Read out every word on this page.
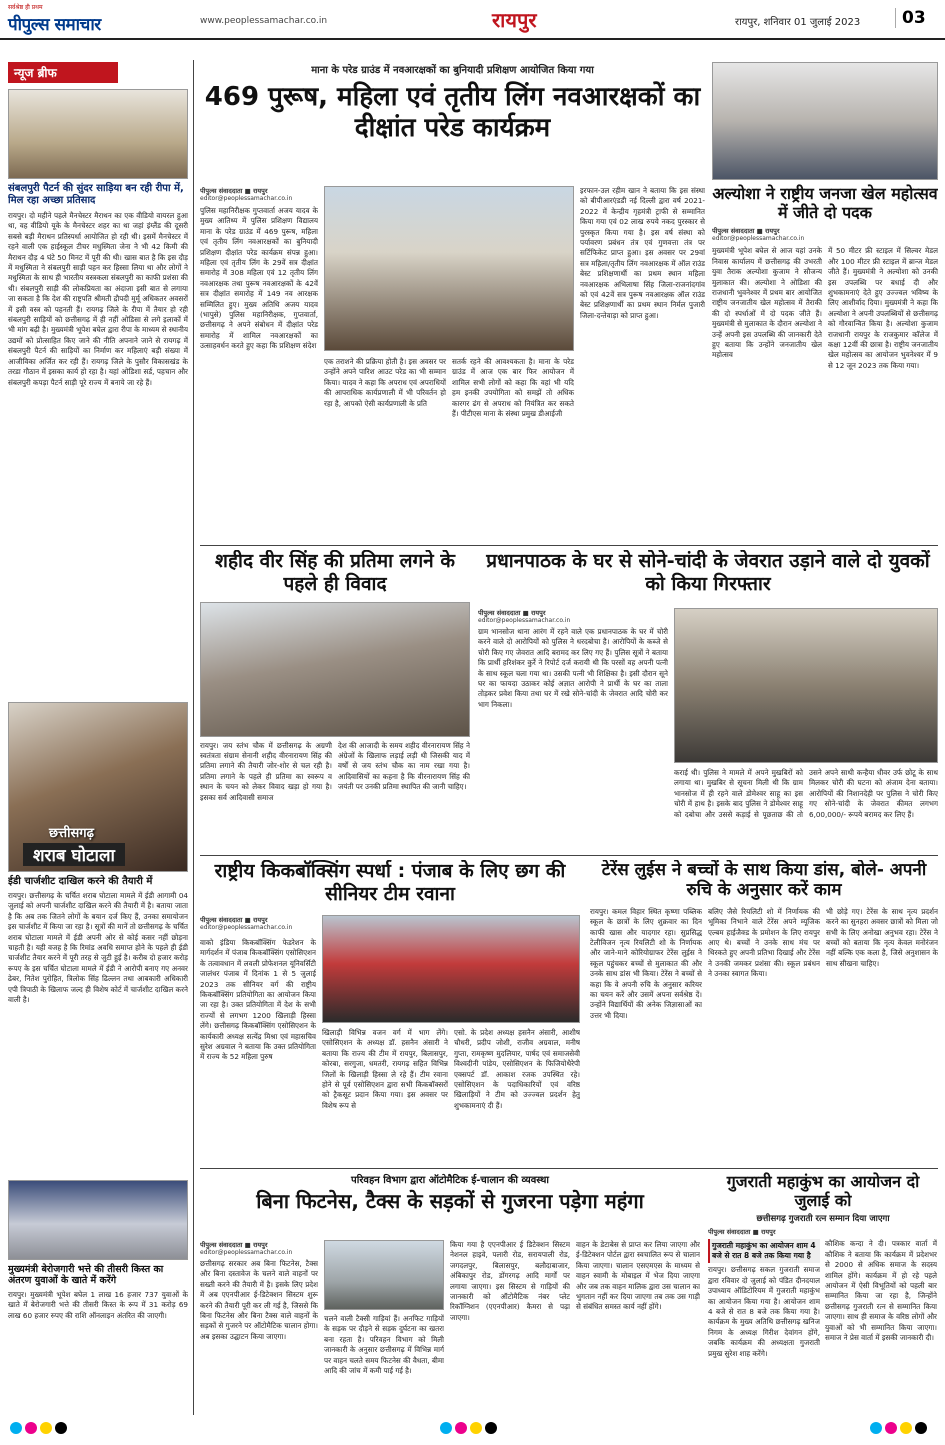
सर्वश्रेष्ठ ही प्रथम
पीपुल्स समाचार	www.peoplessamachar.co.in	रायपुर	रायपुर, शनिवार 01 जुलाई 2023	03
न्यूज ब्रीफ
संबलपुरी पैटर्न की सुंदर साड़िया बन रही रीपा में, मिल रहा अच्छा प्रतिसाद
रायपुर। दो महीने पहले मैनचेस्टर मैराथन का एक वीडियो वायरल हुआ था, वह वीडियो यूके के मैनचेस्टर शहर का था जहां इंग्लैंड की दूसरी सबसे बड़ी मैराथन प्रतिस्पर्धा आयोजित हो रही थी। इसमें मैनचेस्टर में रहने वाली एक हाईस्कूल टीचर मधुस्मिता जेना ने भी 42 किमी की मैराथन दौड़ 4 घंटे 50 मिनट में पूरी की थी। खास बात है कि इस दौड़ में मधुस्मिता ने संबलपुरी साड़ी पहन कर हिस्सा लिया था और लोगों ने मधुस्मिता के साथ ही भारतीय वस्त्रकला संबलपुरी का काफी प्रशंसा की थी। संबलपुरी साड़ी की लोकप्रियता का अंदाजा इसी बात से लगाया जा सकता है कि देश की राष्ट्रपति श्रीमती द्रौपदी मुर्मू अधिकतर अवसरों में इसी वस्त्र को पहनती हैं। रायगढ़ जिले के रीपा में तैयार हो रही संबलपुरी साड़ियों को छत्तीसगढ़ में ही नहीं ओडिसा से लगे इलाकों में भी मांग बढ़ी है। मुख्यमंत्री भूपेश बघेल द्वारा रीपा के माध्यम से स्थानीय उद्यमों को प्रोत्साहित किए जाने की नीति अपनाने जाने से रायगढ़ में संबलपुरी पैटर्न की साड़ियों का निर्माण कर महिलाएं बड़ी संख्या में आजीविका अर्जित कर रही हैं। रायगढ़ जिले के पुसौर विकासखंड के तरडा गौठान में इसका कार्य हो रहा है। यहां ओडिशा सर्ड, पहचान और संबलपुरी कपड़ा पैटर्न साड़ी पूरे राज्य में बनाये जा रहे हैं।
छत्तीसगढ़
शराब घोटाला
ईडी चार्जशीट दाखिल करने की तैयारी में
रायपुर। छत्तीसगढ़ के चर्चित शराब घोटाला मामले में ईडी आगामी 04 जुलाई को अपनी चार्जशीट दाखिल करने की तैयारी में है। बताया जाता है कि अब तक जितने लोगों के बयान दर्ज किए हैं, उनका समायोजन इस चार्जशीट में किया जा रहा है। सूत्रों की मानें तो छत्तीसगढ़ के चर्चित शराब घोटाला मामले में ईडी अपनी ओर से कोई कसर नहीं छोड़ना चाहती है। यही वजह है कि रिमांड अवधि समाप्त होने के पहले ही ईडी चार्जशीट तैयार करने में पूरी तरह से जुटी हुई है। करीब दो हजार करोड़ रूपए के इस चर्चित घोटाला मामले में ईडी ने आरोपी बनाए गए अनवर ढेबर, नितेश पुरोहित, त्रिलोक सिंह ढिल्लन तथा आबकारी अधिकारी एपी त्रिपाठी के खिलाफ जल्द ही विशेष कोर्ट में चार्जशीट दाखिल करने वाली है।
मुख्यमंत्री बेरोजगारी भत्ते की तीसरी किस्त का अंतरण युवाओं के खाते में करेंगे
रायपुर। मुख्यमंत्री भूपेश बघेल 1 लाख 16 हजार 737 युवाओं के खाते में बेरोजगारी भत्ते की तीसरी किस्त के रूप में 31 करोड़ 69 लाख 60 हजार रुपए की राशि ऑनलाइन अंतरित की जाएगी।
माना के परेड ग्राउंड में नवआरक्षकों का बुनियादी प्रशिक्षण आयोजित किया गया
469 पुरूष, महिला एवं तृतीय लिंग नवआरक्षकों का दीक्षांत परेड कार्यक्रम
पीपुल्स संवाददाता ■ रायपुर
editor@peoplessamachar.co.in
पुलिस महानिरीक्षक गुप्तवार्ता अजय यादव के मुख्य आतिथ्य में पुलिस प्रशिक्षण विद्यालय माना के परेड ग्राउंड में 469 पुरूष, महिला एवं तृतीय लिंग नवआरक्षकों का बुनियादी प्रशिक्षण दीक्षांत परेड कार्यक्रम संपन्न हुआ। महिला एवं तृतीय लिंग के 29वें सत्र दीक्षांत समारोह में 308 महिला एवं 12 तृतीय लिंग नवआरक्षक तथा पुरूष नवआरक्षकों के 42वें सत्र दीक्षांत समारोह में 149 नव आरक्षक सम्मिलित हुए। मुख्य अतिथि अजय यादव (भापुसे) पुलिस महानिरीक्षक, गुप्तवार्ता, छत्तीसगढ़ ने अपने संबोधन में दीक्षांत परेड समारोह में शामिल नवआरक्षकों का उत्साहवर्धन करते हुए कहा कि प्रशिक्षण संदेश
एक तराशने की प्रक्रिया होती है। इस अवसर पर उन्होंने अपने पारिश आउट परेड का भी सम्मान किया। यादव ने कहा कि अपराध एवं अपराधियों की आपराधिक कार्यप्रणाली में भी परिवर्तन हो रहा है, आपको ऐसी कार्यप्रणाली के प्रति
सतर्क रहने की आवश्यकता है। माना के परेड ग्राउंड में आज एक बार फिर आयोजन में शामिल सभी लोगों को कहा कि वहां भी यदि हम इनकी उपयोगिता को समझें तो अधिक कारगर ढंग से अपराध को नियंत्रित कर सकते हैं। पीटीएस माना के संस्था प्रमुख डीआईजी
इरफान-उल रहीम खान ने बताया कि इस संस्था को बीपीआरएंडडी नई दिल्ली द्वारा वर्ष 2021-2022 में केन्द्रीय गृहमंत्री ट्राफी से सम्मानित किया गया एवं 02 लाख रुपये नकद पुरस्कार से पुरस्कृत किया गया है। इस वर्ष संस्था को पर्यावरण प्रबंधन तंत्र एवं गुणवत्ता तंत्र पर सर्टिफिकेट प्राप्त हुआ। इस अवसर पर 29वां सत्र महिला/तृतीय लिंग नवआरक्षक में ऑल राउंड बेस्ट प्रशिक्षणार्थी का प्रथम स्थान महिला नवआरक्षक अभिलाषा सिंह जिला-राजनांदगांव को एवं 42वें सत्र पुरूष नवआरक्षक ऑल राउंड बेस्ट प्रशिक्षणार्थी का प्रथम स्थान निर्मल पुजारी जिला-दन्तेवाड़ा को प्राप्त हुआ।
अल्योशा ने राष्ट्रीय जनजा खेल महोत्सव में जीते दो पदक
पीपुल्स संवाददाता ■ रायपुर
editor@peoplessamachar.co.in
मुख्यमंत्री भूपेश बघेल से आज यहां उनके निवास कार्यालय में छत्तीसगढ़ की उभरती युवा तैराक अल्योशा कुजाम ने सौजन्य मुलाकात की। अल्योशा ने ओडिशा की राजधानी भुवनेश्वर में प्रथम बार आयोजित राष्ट्रीय जनजातीय खेल महोत्सव में तैराकी की दो स्पर्धाओं में दो पदक जीते हैं। मुख्यमंत्री से मुलाकात के दौरान अल्योशा ने उन्हें अपनी इस उपलब्धि की जानकारी देते हुए बताया कि उन्होंने जनजातीय खेल महोत्सव
में 50 मीटर फ्री स्टाइल में सिल्वर मेडल और 100 मीटर फ्री स्टाइल में ब्रान्ज मेडल जीते हैं। मुख्यमंत्री ने अल्योशा को उनकी इस उपलब्धि पर बधाई दी और शुभकामनाएं देते हुए उज्ज्वल भविष्य के लिए आशीर्वाद दिया। मुख्यमंत्री ने कहा कि अल्योशा ने अपनी उपलब्धियों से छत्तीसगढ़ को गौरवान्वित किया है। अल्योशा कुजाम राजधानी रायपुर के राजकुमार कॉलेज में कक्षा 12वीं की छात्रा है। राष्ट्रीय जनजातीय खेल महोत्सव का आयोजन भुवनेश्वर में 9 से 12 जून 2023 तक किया गया।
शहीद वीर सिंह की प्रतिमा लगने के पहले ही विवाद
रायपुर। जय स्तंभ चौक में छत्तीसगढ़ के अग्रणी स्वतंत्रता संग्राम सेनानी शहीद वीरनारायण सिंह की प्रतिमा लगाने की तैयारी जोर-शोर से चल रही है। प्रतिमा लगाने के पहले ही प्रतिमा का स्वरूप व स्थान के चयन को लेकर विवाद खड़ा हो गया है। इसका सर्व आदिवासी समाज
देश की आजादी के समय शहीद वीरनारायण सिंह ने अंग्रेजों के खिलाफ लड़ाई लड़ी थी जिसकी याद में वर्षों से जय स्तंभ चौक का नाम रखा गया है। आदिवासियों का कहना है कि वीरनारायण सिंह की जयंती पर उनकी प्रतिमा स्थापित की जानी चाहिए।
प्रधानपाठक के घर से सोने-चांदी के जेवरात उड़ाने वाले दो युवकों को किया गिरफ्तार
पीपुल्स संवाददाता ■ रायपुर
editor@peoplessamachar.co.in
ग्राम भानसोज थाना आरंग में रहने वाले एक प्रधानपाठक के घर में चोरी करने वाले दो आरोपियों को पुलिस ने धरदबोचा है। आरोपियों के कब्जे से चोरी किए गए जेवरात आदि बरामद कर लिए गए हैं। पुलिस सूत्रों ने बताया कि प्रार्थी हरिशंकर कुर्रे ने रिपोर्ट दर्ज करायी थी कि परसों वह अपनी पत्नी के साथ स्कूल चला गया था। उसकी पत्नी भी शिक्षिका है। इसी दौरान सूने घर का फायदा उठाकर कोई अज्ञात आरोपी ने प्रार्थी के घर का ताला तोड़कर प्रवेश किया तथा घर में रखे सोने-चांदी के जेवरात आदि चोरी कर भाग निकला।
कराई थी। पुलिस ने मामले में अपने मुखबिरों को लगाया था। मुखबिर से सूचना मिली थी कि ग्राम भानसोज में ही रहने वाले डोमेश्वर साहू का इस चोरी में हाथ है। इसके बाद पुलिस ने डोमेश्वर साहू को दबोचा और उससे कड़ाई से पूछताछ की तो उसने अपने साथी कन्हैया धीवर उर्फ छोटू के साथ मिलकर चोरी की घटना को अंजाम देना बताया। आरोपियों की निशानदेही पर पुलिस ने चोरी किए गए सोने-चांदी के जेवरात कीमत लगभग 6,00,000/- रूपये बरामद कर लिए हैं।
राष्ट्रीय किकबॉक्सिंग स्पर्धा : पंजाब के लिए छग की सीनियर टीम रवाना
पीपुल्स संवाददाता ■ रायपुर
editor@peoplessamachar.co.in
वाको इंडिया किकबॉक्सिंग फेडरेशन के मार्गदर्शन में पंजाब किकबॉक्सिंग एसोसिएशन के तत्वावधान में लवली प्रोफेशनल यूनिवर्सिटी जालंधर पंजाब में दिनांक 1 से 5 जुलाई 2023 तक सीनियर वर्ग की राष्ट्रीय किकबॉक्सिंग प्रतियोगिता का आयोजन किया जा रहा है। उक्त प्रतियोगिता में देश के सभी राज्यों से लगभग 1200 खिलाड़ी हिस्सा लेंगे। छत्तीसगढ़ किकबॉक्सिंग एसोसिएशन के कार्यकारी अध्यक्ष सत्येंद्र मिश्रा एवं महासचिव सुरेश अग्रवाल ने बताया कि उक्त प्रतियोगिता में राज्य के 52 महिला पुरुष
खिलाड़ी विभिन्न वजन वर्ग में भाग लेंगे। एसोसिएशन के अध्यक्ष डॉ. हसनैन अंसारी ने बताया कि राज्य की टीम में रायपुर, बिलासपुर, कोरबा, सरगुजा, धमतरी, रायगढ़ सहित विभिन्न जिलों के खिलाड़ी हिस्सा ले रहे हैं। टीम रवाना होने से पूर्व एसोसिएशन द्वारा सभी किकबॉक्सरों को ट्रैकसूट प्रदान किया गया। इस अवसर पर विशेष रूप से
एसो. के प्रदेश अध्यक्ष हसनैन अंसारी, आशीष चौधरी, प्रदीप जोशी, राजीव अग्रवाल, मनीष गुप्ता, रामकृष्ण मुदलियार, पार्षद एवं समाजसेवी विश्वदीनी पांडेय, एसोसिएशन के फिजियोथैरेपी एक्सपर्ट डॉ. आकाश रजक उपस्थित रहे। एसोसिएशन के पदाधिकारियों एवं वरिष्ठ खिलाड़ियों ने टीम को उज्ज्वल प्रदर्शन हेतु शुभकामनाएं दी हैं।
टेरेंस लुईस ने बच्चों के साथ किया डांस, बोले- अपनी रुचि के अनुसार करें काम
रायपुर। कमल विहार स्थित कृष्णा पब्लिक स्कूल के छात्रों के लिए शुक्रवार का दिन काफी खास और यादगार रहा। सुप्रसिद्ध टेलीविजन नृत्य रियलिटी शो के निर्णायक और जाने-माने कोरियोग्राफर टेरेंस लुईस ने स्कूल पहुंचकर बच्चों से मुलाकात की और उनके साथ डांस भी किया। टेरेंस ने बच्चों से कहा कि वे अपनी रुचि के अनुसार करियर का चयन करें और उसमें अपना सर्वश्रेष्ठ दें। उन्होंने विद्यार्थियों की अनेक जिज्ञासाओं का उत्तर भी दिया।
बलिए जैसे रियलिटी शो में निर्णायक की भूमिका निभाने वाले टेरेंस अपने म्यूजिक एल्बम हाईजैक्ड के प्रमोशन के लिए रायपुर आए थे। बच्चों ने उनके साथ मंच पर थिरकते हुए अपनी प्रतिभा दिखाई और टेरेंस ने उनकी जमकर प्रशंसा की। स्कूल प्रबंधन ने उनका स्वागत किया।
भी छोड़े गए। टेरेंस के साथ नृत्य प्रदर्शन करने का सुनहरा अवसर छात्रों को मिला जो सभी के लिए अनोखा अनुभव रहा। टेरेंस ने बच्चों को बताया कि नृत्य केवल मनोरंजन नहीं बल्कि एक कला है, जिसे अनुशासन के साथ सीखना चाहिए।
परिवहन विभाग द्वारा ऑटोमैटिक ई-चालान की व्यवस्था
बिना फिटनेस, टैक्स के सड़कों से गुजरना पड़ेगा महंगा
पीपुल्स संवाददाता ■ रायपुर
editor@peoplessamachar.co.in
छत्तीसगढ़ सरकार अब बिना फिटनेस, टैक्स और बिना दस्तावेज के चलने वाले वाहनों पर सख्ती करने की तैयारी में है। इसके लिए प्रदेश में अब एएनपीआर ई-डिटेक्शन सिस्टम शुरू करने की तैयारी पूरी कर ली गई है, जिससे कि बिना फिटनेस और बिना टैक्स वाले वाहनों के सड़कों से गुजरने पर ऑटोमैटिक चालान होगा। अब इसका उद्घाटन किया जाएगा।
चलने वाली टैक्सी गाड़ियां हैं। अनफिट गाड़ियों के सड़क पर दौड़ने से सड़क दुर्घटना का खतरा बना रहता है। परिवहन विभाग को मिली जानकारी के अनुसार छत्तीसगढ़ में विभिन्न मार्ग पर वाहन चलते समय फिटनेस की वैधता, बीमा आदि की जांच में कमी पाई गई है।
किया गया है एएनपीआर ई डिटेक्शन सिस्टम नेशनल हाइवे, पलारी रोड, सरायपाली रोड, जगदलपुर, बिलासपुर, बलौदाबाजार, अंबिकापुर रोड, डोंगरगढ़ आदि मार्गों पर लगाया जाएगा। इस सिस्टम से गाड़ियों की जानकारी को ऑटोमैटिक नंबर प्लेट रिकॉग्निशन (एएनपीआर) कैमरा से पढ़ा जाएगा।
वाहन के डेटाबेस से प्राप्त कर लिया जाएगा और ई-डिटेक्शन पोर्टल द्वारा स्वचालित रूप से चालान किया जाएगा। चालान एसएमएस के माध्यम से वाहन स्वामी के मोबाइल में भेज दिया जाएगा और जब तक वाहन मालिक द्वारा उस चालान का भुगतान नहीं कर दिया जाएगा तब तक उस गाड़ी से संबंधित समस्त कार्य नहीं होंगे।
गुजराती महाकुंभ का आयोजन दो जुलाई को
छत्तीसगढ़ गुजराती रत्न सम्मान दिया जाएगा
पीपुल्स संवाददाता ■ रायपुर
गुजराती महाकुंभ का आयोजन शाम 4 बजे से रात 8 बजे तक किया गया है
रायपुर। छत्तीसगढ़ सकल गुजराती समाज द्वारा रविवार दो जुलाई को पंडित दीनदयाल उपाध्याय ऑडिटोरियम में गुजराती महाकुंभ का आयोजन किया गया है। आयोजन शाम 4 बजे से रात 8 बजे तक किया गया है। कार्यक्रम के मुख्य अतिथि छत्तीसगढ़ खनिज निगम के अध्यक्ष गिरीश देवांगन होंगे, जबकि कार्यक्रम की अध्यक्षता गुजराती प्रमुख सुरेश शाह करेंगे।
कौशिक कन्दा ने दी। पत्रकार वार्ता में कौशिक ने बताया कि कार्यक्रम में प्रदेशभर से 2000 से अधिक समाज के सदस्य शामिल होंगे। कार्यक्रम में हो रहे पहले आयोजन में ऐसी विभूतियों को पहली बार सम्मानित किया जा रहा है, जिन्होंने छत्तीसगढ़ गुजराती रत्न से सम्मानित किया जाएगा। साथ ही समाज के वरिष्ठ लोगों और युवाओं को भी सम्मानित किया जाएगा। समाज ने प्रेस वार्ता में इसकी जानकारी दी।
